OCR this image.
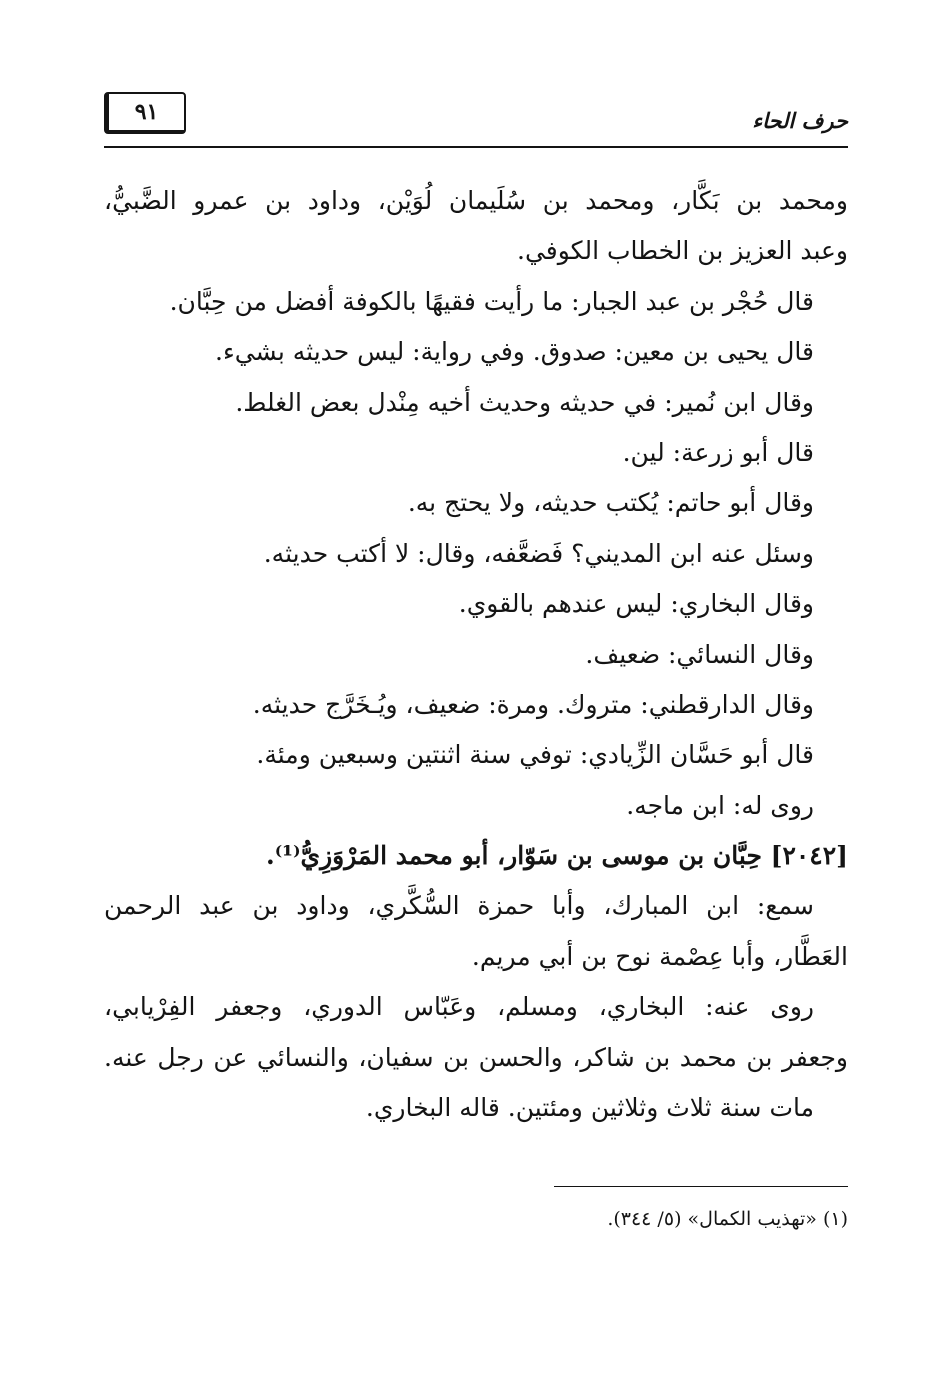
حرف الحاء
٩١
ومحمد بن بَكَّار، ومحمد بن سُلَيمان لُوَيْن، وداود بن عمرو الضَّبيُّ،
وعبد العزيز بن الخطاب الكوفي.
قال حُجْر بن عبد الجبار: ما رأيت فقيهًا بالكوفة أفضل من حِبَّان.
قال يحيى بن معين: صدوق. وفي رواية: ليس حديثه بشيء.
وقال ابن نُمير: في حديثه وحديث أخيه مِنْدل بعض الغلط.
قال أبو زرعة: لين.
وقال أبو حاتم: يُكتب حديثه، ولا يحتج به.
وسئل عنه ابن المديني؟ فَضعَّفه، وقال: لا أكتب حديثه.
وقال البخاري: ليس عندهم بالقوي.
وقال النسائي: ضعيف.
وقال الدارقطني: متروك. ومرة: ضعيف، ويُـخَرَّج حديثه.
قال أبو حَسَّان الزِّيادي: توفي سنة اثنتين وسبعين ومئة.
روى له: ابن ماجه.
[٢٠٤٢] حِبَّان بن موسى بن سَوّار، أبو محمد المَرْوَزِيُّ⁽¹⁾.
سمع: ابن المبارك، وأبا حمزة السُّكَّري، وداود بن عبد الرحمن
العَطَّار، وأبا عِصْمة نوح بن أبي مريم.
روى عنه: البخاري، ومسلم، وعَبّاس الدوري، وجعفر الفِرْيابي،
وجعفر بن محمد بن شاكر، والحسن بن سفيان، والنسائي عن رجل عنه.
مات سنة ثلاث وثلاثين ومئتين. قاله البخاري.
(١) «تهذيب الكمال» (٥/ ٣٤٤).
